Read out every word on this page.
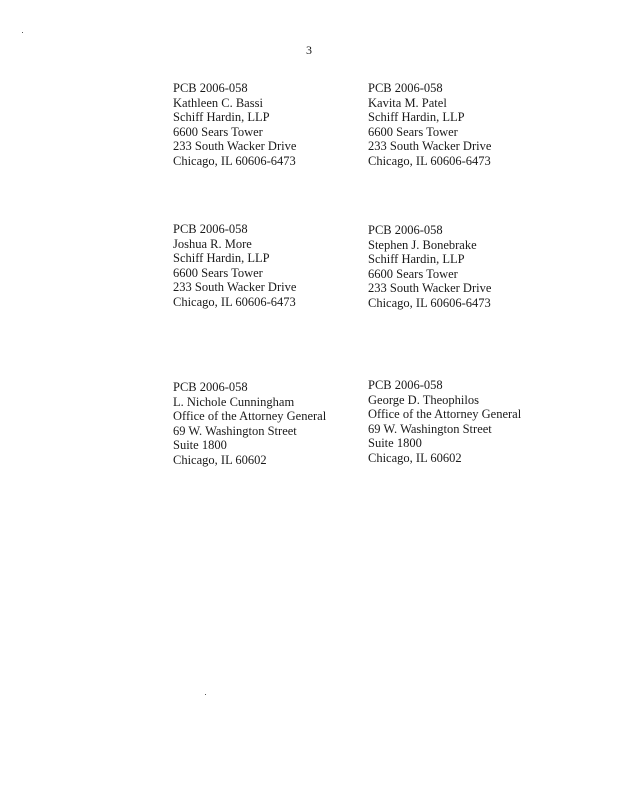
3
PCB 2006-058
Kathleen C. Bassi
Schiff Hardin, LLP
6600 Sears Tower
233 South Wacker Drive
Chicago, IL 60606-6473
PCB 2006-058
Kavita M. Patel
Schiff Hardin, LLP
6600 Sears Tower
233 South Wacker Drive
Chicago, IL 60606-6473
PCB 2006-058
Joshua R. More
Schiff Hardin, LLP
6600 Sears Tower
233 South Wacker Drive
Chicago, IL 60606-6473
PCB 2006-058
Stephen J. Bonebrake
Schiff Hardin, LLP
6600 Sears Tower
233 South Wacker Drive
Chicago, IL 60606-6473
PCB 2006-058
L. Nichole Cunningham
Office of the Attorney General
69 W. Washington Street
Suite 1800
Chicago, IL 60602
PCB 2006-058
George D. Theophilos
Office of the Attorney General
69 W. Washington Street
Suite 1800
Chicago, IL 60602
